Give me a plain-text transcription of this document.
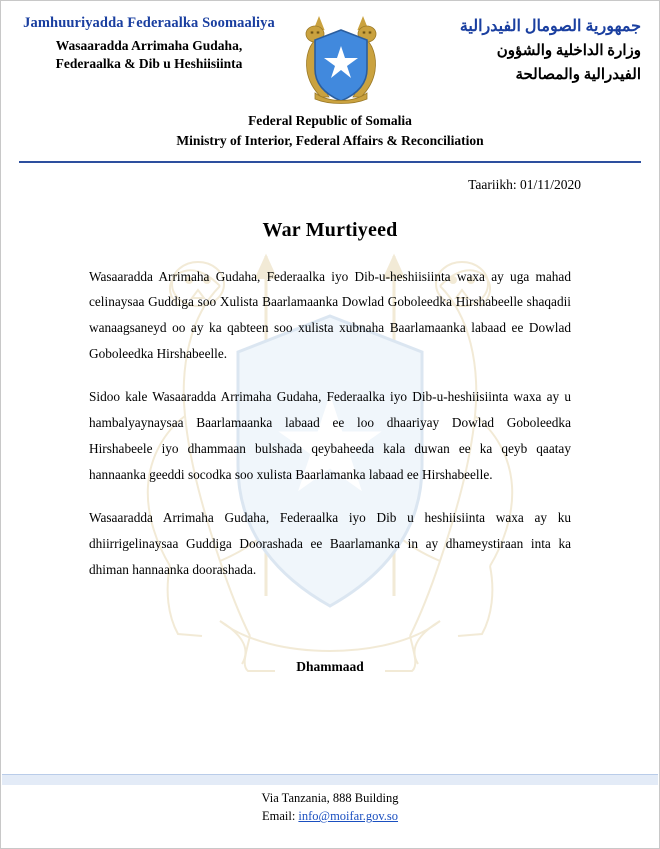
Jamhuuriyadda Federaalka Soomaaliya
Wasaaradda Arrimaha Gudaha,
Federaalka & Dib u Heshiisiinta
جمهورية الصومال الفيدرالية
وزارة الداخلية والشؤون
الفيدرالية والمصالحة
Federal Republic of Somalia
Ministry of Interior, Federal Affairs & Reconciliation
Taariikh: 01/11/2020
War Murtiyeed

Wasaaradda Arrimaha Gudaha, Federaalka iyo Dib-u-heshiisiinta waxa ay uga mahad celinaysaa Guddiga soo Xulista Baarlamaanka Dowlad Goboleedka Hirshabeelle shaqadii wanaagsaneyd oo ay ka qabteen soo xulista xubnaha Baarlamaanka labaad ee Dowlad Goboleedka Hirshabeelle.

Sidoo kale Wasaaradda Arrimaha Gudaha, Federaalka iyo Dib-u-heshiisiinta waxa ay u hambalyaynaysaa Baarlamaanka labaad ee loo dhaariyay Dowlad Goboleedka Hirshabeele iyo dhammaan bulshada qeybaheeda kala duwan ee ka qeyb qaatay hannaanka geeddi socodka soo xulista Baarlamanka labaad ee Hirshabeelle.

Wasaaradda Arrimaha Gudaha, Federaalka iyo Dib u heshiisiinta waxa ay ku dhiirrigelinaysaa Guddiga Doorashada ee Baarlamanka in ay dhameystiraan inta ka dhiman hannaanka doorashada.

Dhammaad
Via Tanzania, 888 Building
Email: info@moifar.gov.so
